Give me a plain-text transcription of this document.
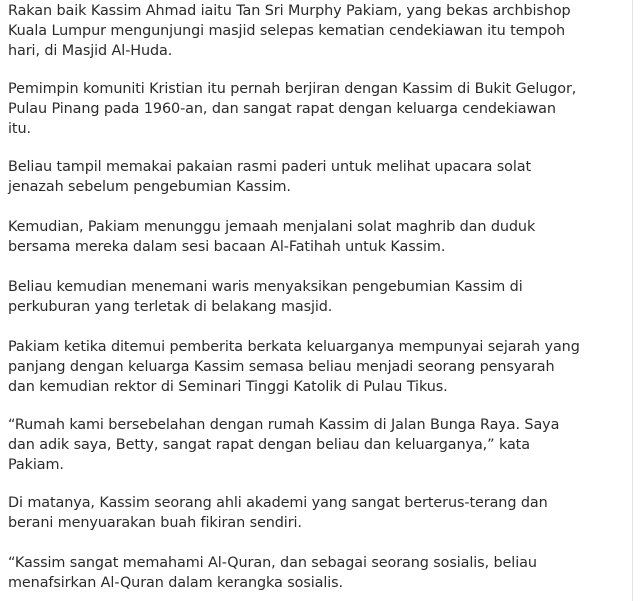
Rakan baik Kassim Ahmad iaitu Tan Sri Murphy Pakiam, yang bekas archbishop
Kuala Lumpur mengunjungi masjid selepas kematian cendekiawan itu tempoh
hari, di Masjid Al-Huda.

Pemimpin komuniti Kristian itu pernah berjiran dengan Kassim di Bukit Gelugor,
Pulau Pinang pada 1960-an, dan sangat rapat dengan keluarga cendekiawan
itu.

Beliau tampil memakai pakaian rasmi paderi untuk melihat upacara solat
jenazah sebelum pengebumian Kassim.

Kemudian, Pakiam menunggu jemaah menjalani solat maghrib dan duduk
bersama mereka dalam sesi bacaan Al-Fatihah untuk Kassim.

Beliau kemudian menemani waris menyaksikan pengebumian Kassim di
perkuburan yang terletak di belakang masjid.

Pakiam ketika ditemui pemberita berkata keluarganya mempunyai sejarah yang
panjang dengan keluarga Kassim semasa beliau menjadi seorang pensyarah
dan kemudian rektor di Seminari Tinggi Katolik di Pulau Tikus.

“Rumah kami bersebelahan dengan rumah Kassim di Jalan Bunga Raya. Saya
dan adik saya, Betty, sangat rapat dengan beliau dan keluarganya,” kata
Pakiam.

Di matanya, Kassim seorang ahli akademi yang sangat berterus-terang dan
berani menyuarakan buah fikiran sendiri.

“Kassim sangat memahami Al-Quran, dan sebagai seorang sosialis, beliau
menafsirkan Al-Quran dalam kerangka sosialis.
